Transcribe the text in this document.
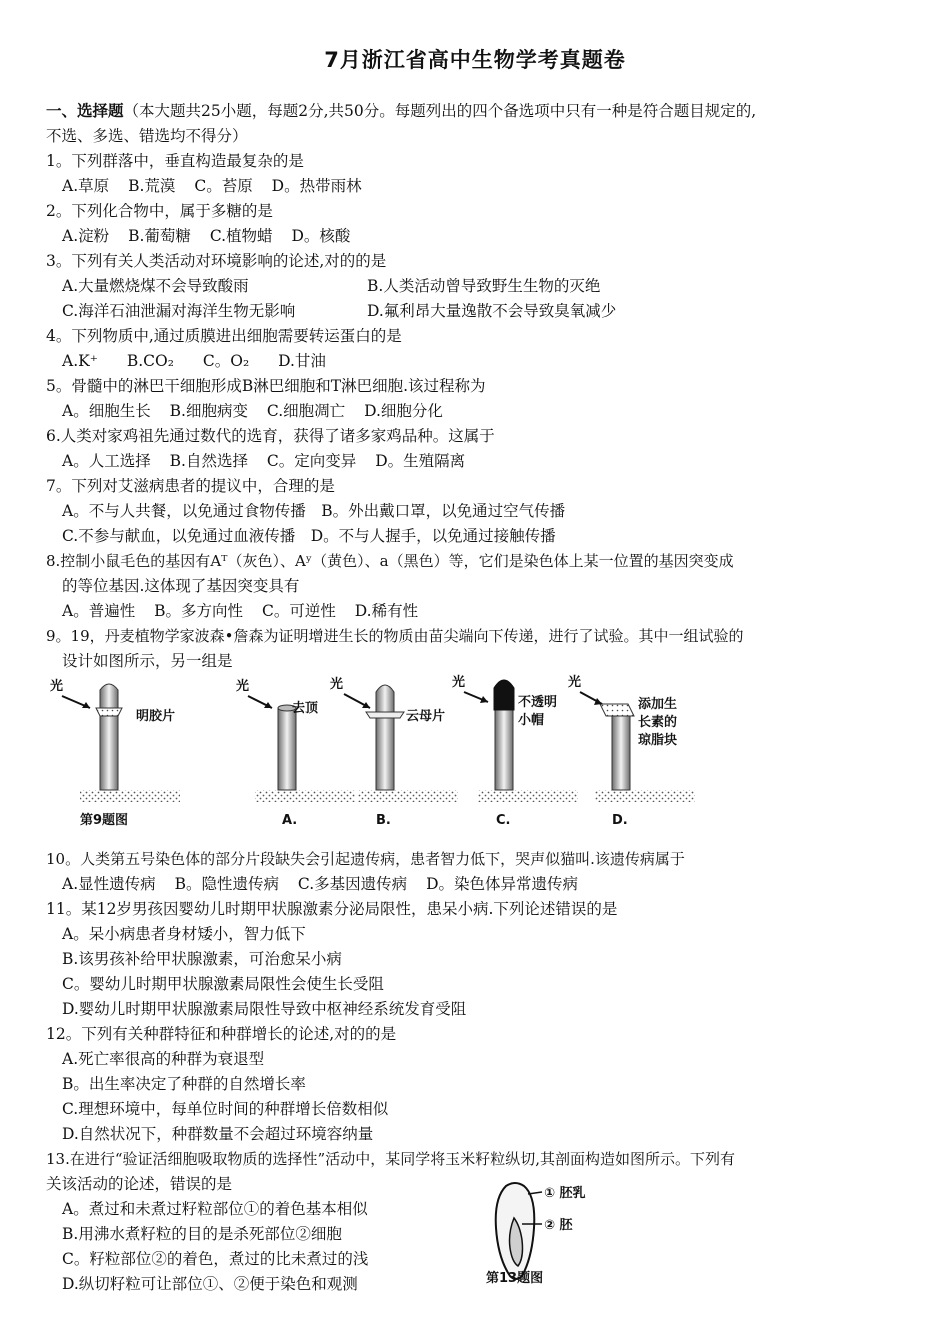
7月浙江省高中生物学考真题卷
一、选择题（本大题共25小题，每题2分,共50分。每题列出的四个备选项中只有一种是符合题目规定的,
不选、多选、错选均不得分）
1。下列群落中，垂直构造最复杂的是
A.草原 B.荒漠 C。苔原 D。热带雨林
2。下列化合物中，属于多糖的是
A.淀粉 B.葡萄糖 C.植物蜡 D。核酸
3。下列有关人类活动对环境影响的论述,对的的是
A.大量燃烧煤不会导致酸雨	B.人类活动曾导致野生生物的灭绝
C.海洋石油泄漏对海洋生物无影响	D.氟利昂大量逸散不会导致臭氧减少
4。下列物质中,通过质膜进出细胞需要转运蛋白的是
A.K⁺ B.CO₂ C。O₂ D.甘油
5。骨髓中的淋巴干细胞形成B淋巴细胞和T淋巴细胞.该过程称为
A。细胞生长 B.细胞病变 C.细胞凋亡 D.细胞分化
6.人类对家鸡祖先通过数代的选育，获得了诸多家鸡品种。这属于
A。人工选择 B.自然选择 C。定向变异 D。生殖隔离
7。下列对艾滋病患者的提议中，合理的是
A。不与人共餐，以免通过食物传播　B。外出戴口罩，以免通过空气传播
C.不参与献血，以免通过血液传播　D。不与人握手，以免通过接触传播
8.控制小鼠毛色的基因有Aᵀ（灰色）、Aʸ（黄色）、a（黑色）等，它们是染色体上某一位置的基因突变成
的等位基因.这体现了基因突变具有
A。普遍性 B。多方向性 C。可逆性 D.稀有性
9。19，丹麦植物学家波森•詹森为证明增进生长的物质由苗尖端向下传递，进行了试验。其中一组试验的
设计如图所示，另一组是
光
明胶片
第9题图
光
去顶
A.
光
云母片
B.
光
不透明
小帽
C.
光
添加生
长素的
琼脂块
D.
10。人类第五号染色体的部分片段缺失会引起遗传病，患者智力低下，哭声似猫叫.该遗传病属于
A.显性遗传病 B。隐性遗传病 C.多基因遗传病 D。染色体异常遗传病
11。某12岁男孩因婴幼儿时期甲状腺激素分泌局限性，患呆小病.下列论述错误的是
A。呆小病患者身材矮小，智力低下
B.该男孩补给甲状腺激素，可治愈呆小病
C。婴幼儿时期甲状腺激素局限性会使生长受阻
D.婴幼儿时期甲状腺激素局限性导致中枢神经系统发育受阻
12。下列有关种群特征和种群增长的论述,对的的是
A.死亡率很高的种群为衰退型
B。出生率决定了种群的自然增长率
C.理想环境中，每单位时间的种群增长倍数相似
D.自然状况下，种群数量不会超过环境容纳量
13.在进行“验证活细胞吸取物质的选择性”活动中，某同学将玉米籽粒纵切,其剖面构造如图所示。下列有
关该活动的论述，错误的是
A。煮过和未煮过籽粒部位①的着色基本相似
B.用沸水煮籽粒的目的是杀死部位②细胞
C。籽粒部位②的着色，煮过的比未煮过的浅
D.纵切籽粒可让部位①、②便于染色和观测
① 胚乳
② 胚
第13题图
